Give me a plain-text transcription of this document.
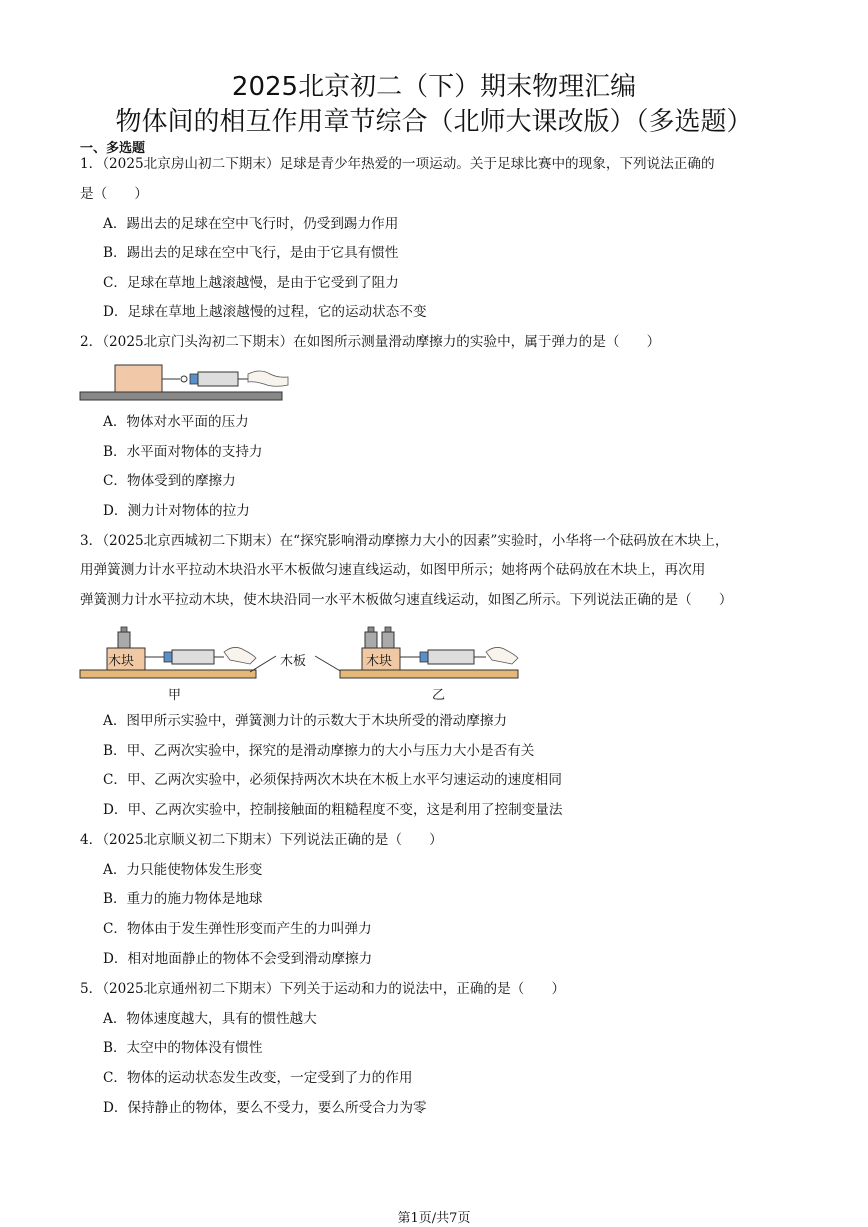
2025北京初二（下）期末物理汇编
物体间的相互作用章节综合（北师大课改版）（多选题）
一、多选题
1．（2025北京房山初二下期末）足球是青少年热爱的一项运动。关于足球比赛中的现象，下列说法正确的
是（　　）
A．踢出去的足球在空中飞行时，仍受到踢力作用
B．踢出去的足球在空中飞行，是由于它具有惯性
C．足球在草地上越滚越慢，是由于它受到了阻力
D．足球在草地上越滚越慢的过程，它的运动状态不变
2．（2025北京门头沟初二下期末）在如图所示测量滑动摩擦力的实验中，属于弹力的是（　　）
A．物体对水平面的压力
B．水平面对物体的支持力
C．物体受到的摩擦力
D．测力计对物体的拉力
3．（2025北京西城初二下期末）在“探究影响滑动摩擦力大小的因素”实验时，小华将一个砝码放在木块上，
用弹簧测力计水平拉动木块沿水平木板做匀速直线运动，如图甲所示；她将两个砝码放在木块上，再次用
弹簧测力计水平拉动木块，使木块沿同一水平木板做匀速直线运动，如图乙所示。下列说法正确的是（　　）
木块	木块
木板
甲	乙
A．图甲所示实验中，弹簧测力计的示数大于木块所受的滑动摩擦力
B．甲、乙两次实验中，探究的是滑动摩擦力的大小与压力大小是否有关
C．甲、乙两次实验中，必须保持两次木块在木板上水平匀速运动的速度相同
D．甲、乙两次实验中，控制接触面的粗糙程度不变，这是利用了控制变量法
4．（2025北京顺义初二下期末）下列说法正确的是（　　）
A．力只能使物体发生形变
B．重力的施力物体是地球
C．物体由于发生弹性形变而产生的力叫弹力
D．相对地面静止的物体不会受到滑动摩擦力
5．（2025北京通州初二下期末）下列关于运动和力的说法中，正确的是（　　）
A．物体速度越大，具有的惯性越大
B．太空中的物体没有惯性
C．物体的运动状态发生改变，一定受到了力的作用
D．保持静止的物体，要么不受力，要么所受合力为零
第1页/共7页
